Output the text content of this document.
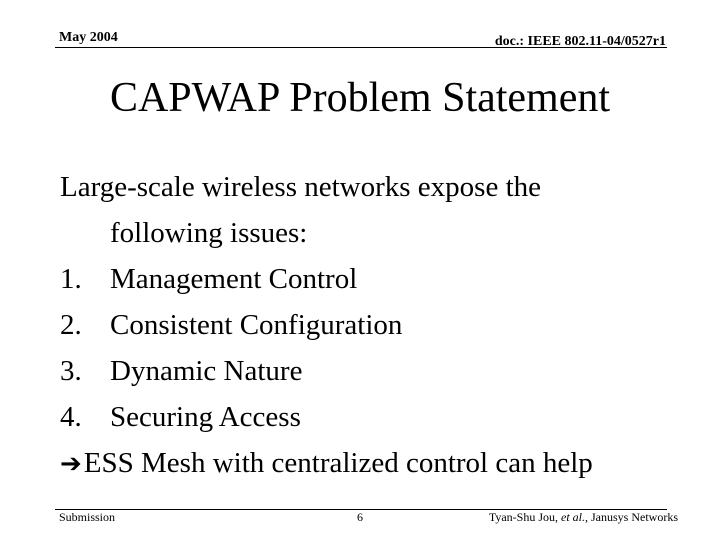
May 2004	doc.: IEEE 802.11-04/0527r1
CAPWAP Problem Statement
Large-scale wireless networks expose the
following issues:
1. Management Control
2. Consistent Configuration
3. Dynamic Nature
4. Securing Access
➔ESS Mesh with centralized control can help
Submission	6	Tyan-Shu Jou, et al., Janusys Networks
